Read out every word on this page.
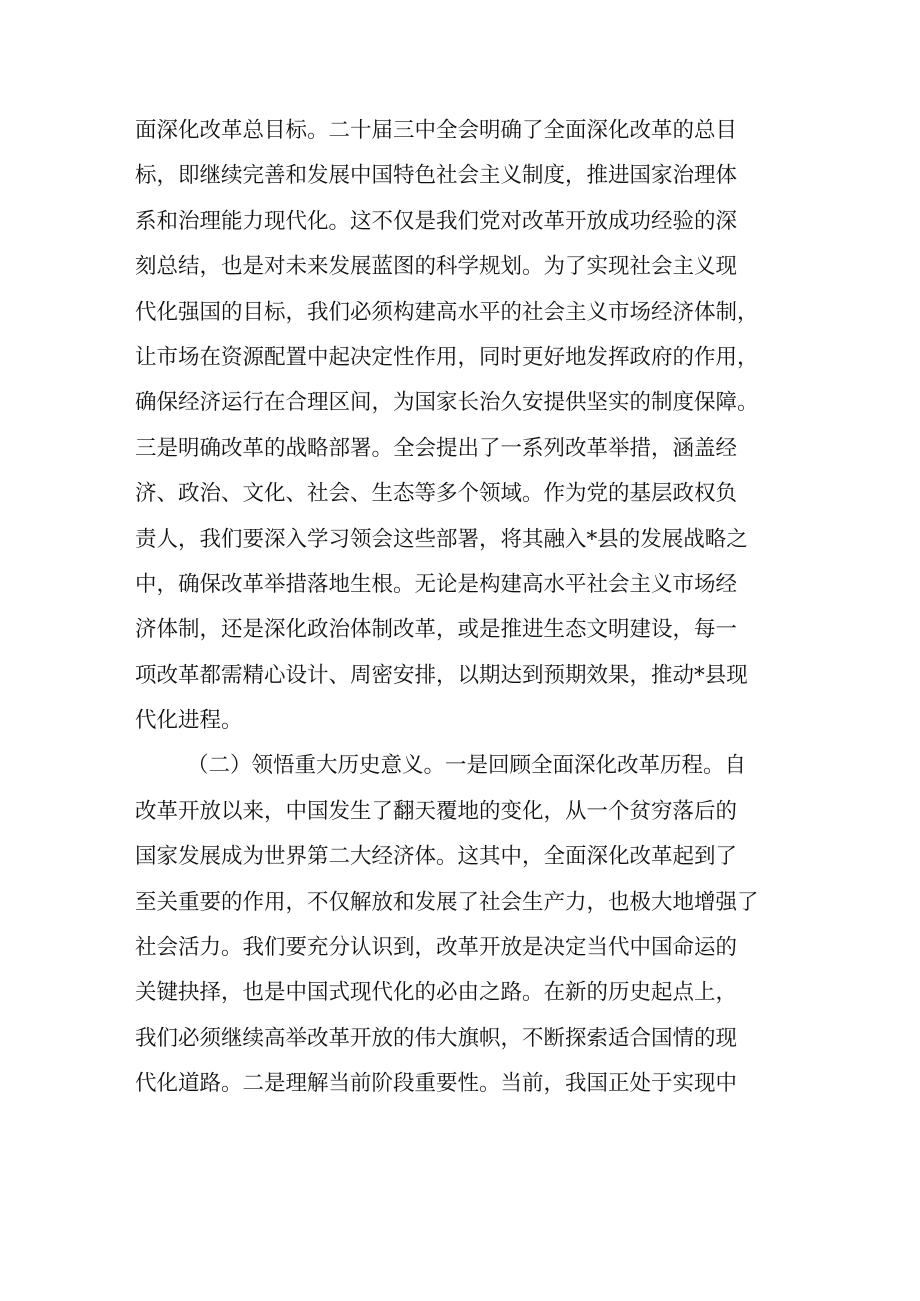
面深化改革总目标。二十届三中全会明确了全面深化改革的总目
标，即继续完善和发展中国特色社会主义制度，推进国家治理体
系和治理能力现代化。这不仅是我们党对改革开放成功经验的深
刻总结，也是对未来发展蓝图的科学规划。为了实现社会主义现
代化强国的目标，我们必须构建高水平的社会主义市场经济体制，
让市场在资源配置中起决定性作用，同时更好地发挥政府的作用，
确保经济运行在合理区间，为国家长治久安提供坚实的制度保障。
三是明确改革的战略部署。全会提出了一系列改革举措，涵盖经
济、政治、文化、社会、生态等多个领域。作为党的基层政权负
责人，我们要深入学习领会这些部署，将其融入*县的发展战略之
中，确保改革举措落地生根。无论是构建高水平社会主义市场经
济体制，还是深化政治体制改革，或是推进生态文明建设，每一
项改革都需精心设计、周密安排，以期达到预期效果，推动*县现
代化进程。
（二）领悟重大历史意义。一是回顾全面深化改革历程。自
改革开放以来，中国发生了翻天覆地的变化，从一个贫穷落后的
国家发展成为世界第二大经济体。这其中，全面深化改革起到了
至关重要的作用，不仅解放和发展了社会生产力，也极大地增强了
社会活力。我们要充分认识到，改革开放是决定当代中国命运的
关键抉择，也是中国式现代化的必由之路。在新的历史起点上，
我们必须继续高举改革开放的伟大旗帜，不断探索适合国情的现
代化道路。二是理解当前阶段重要性。当前，我国正处于实现中
